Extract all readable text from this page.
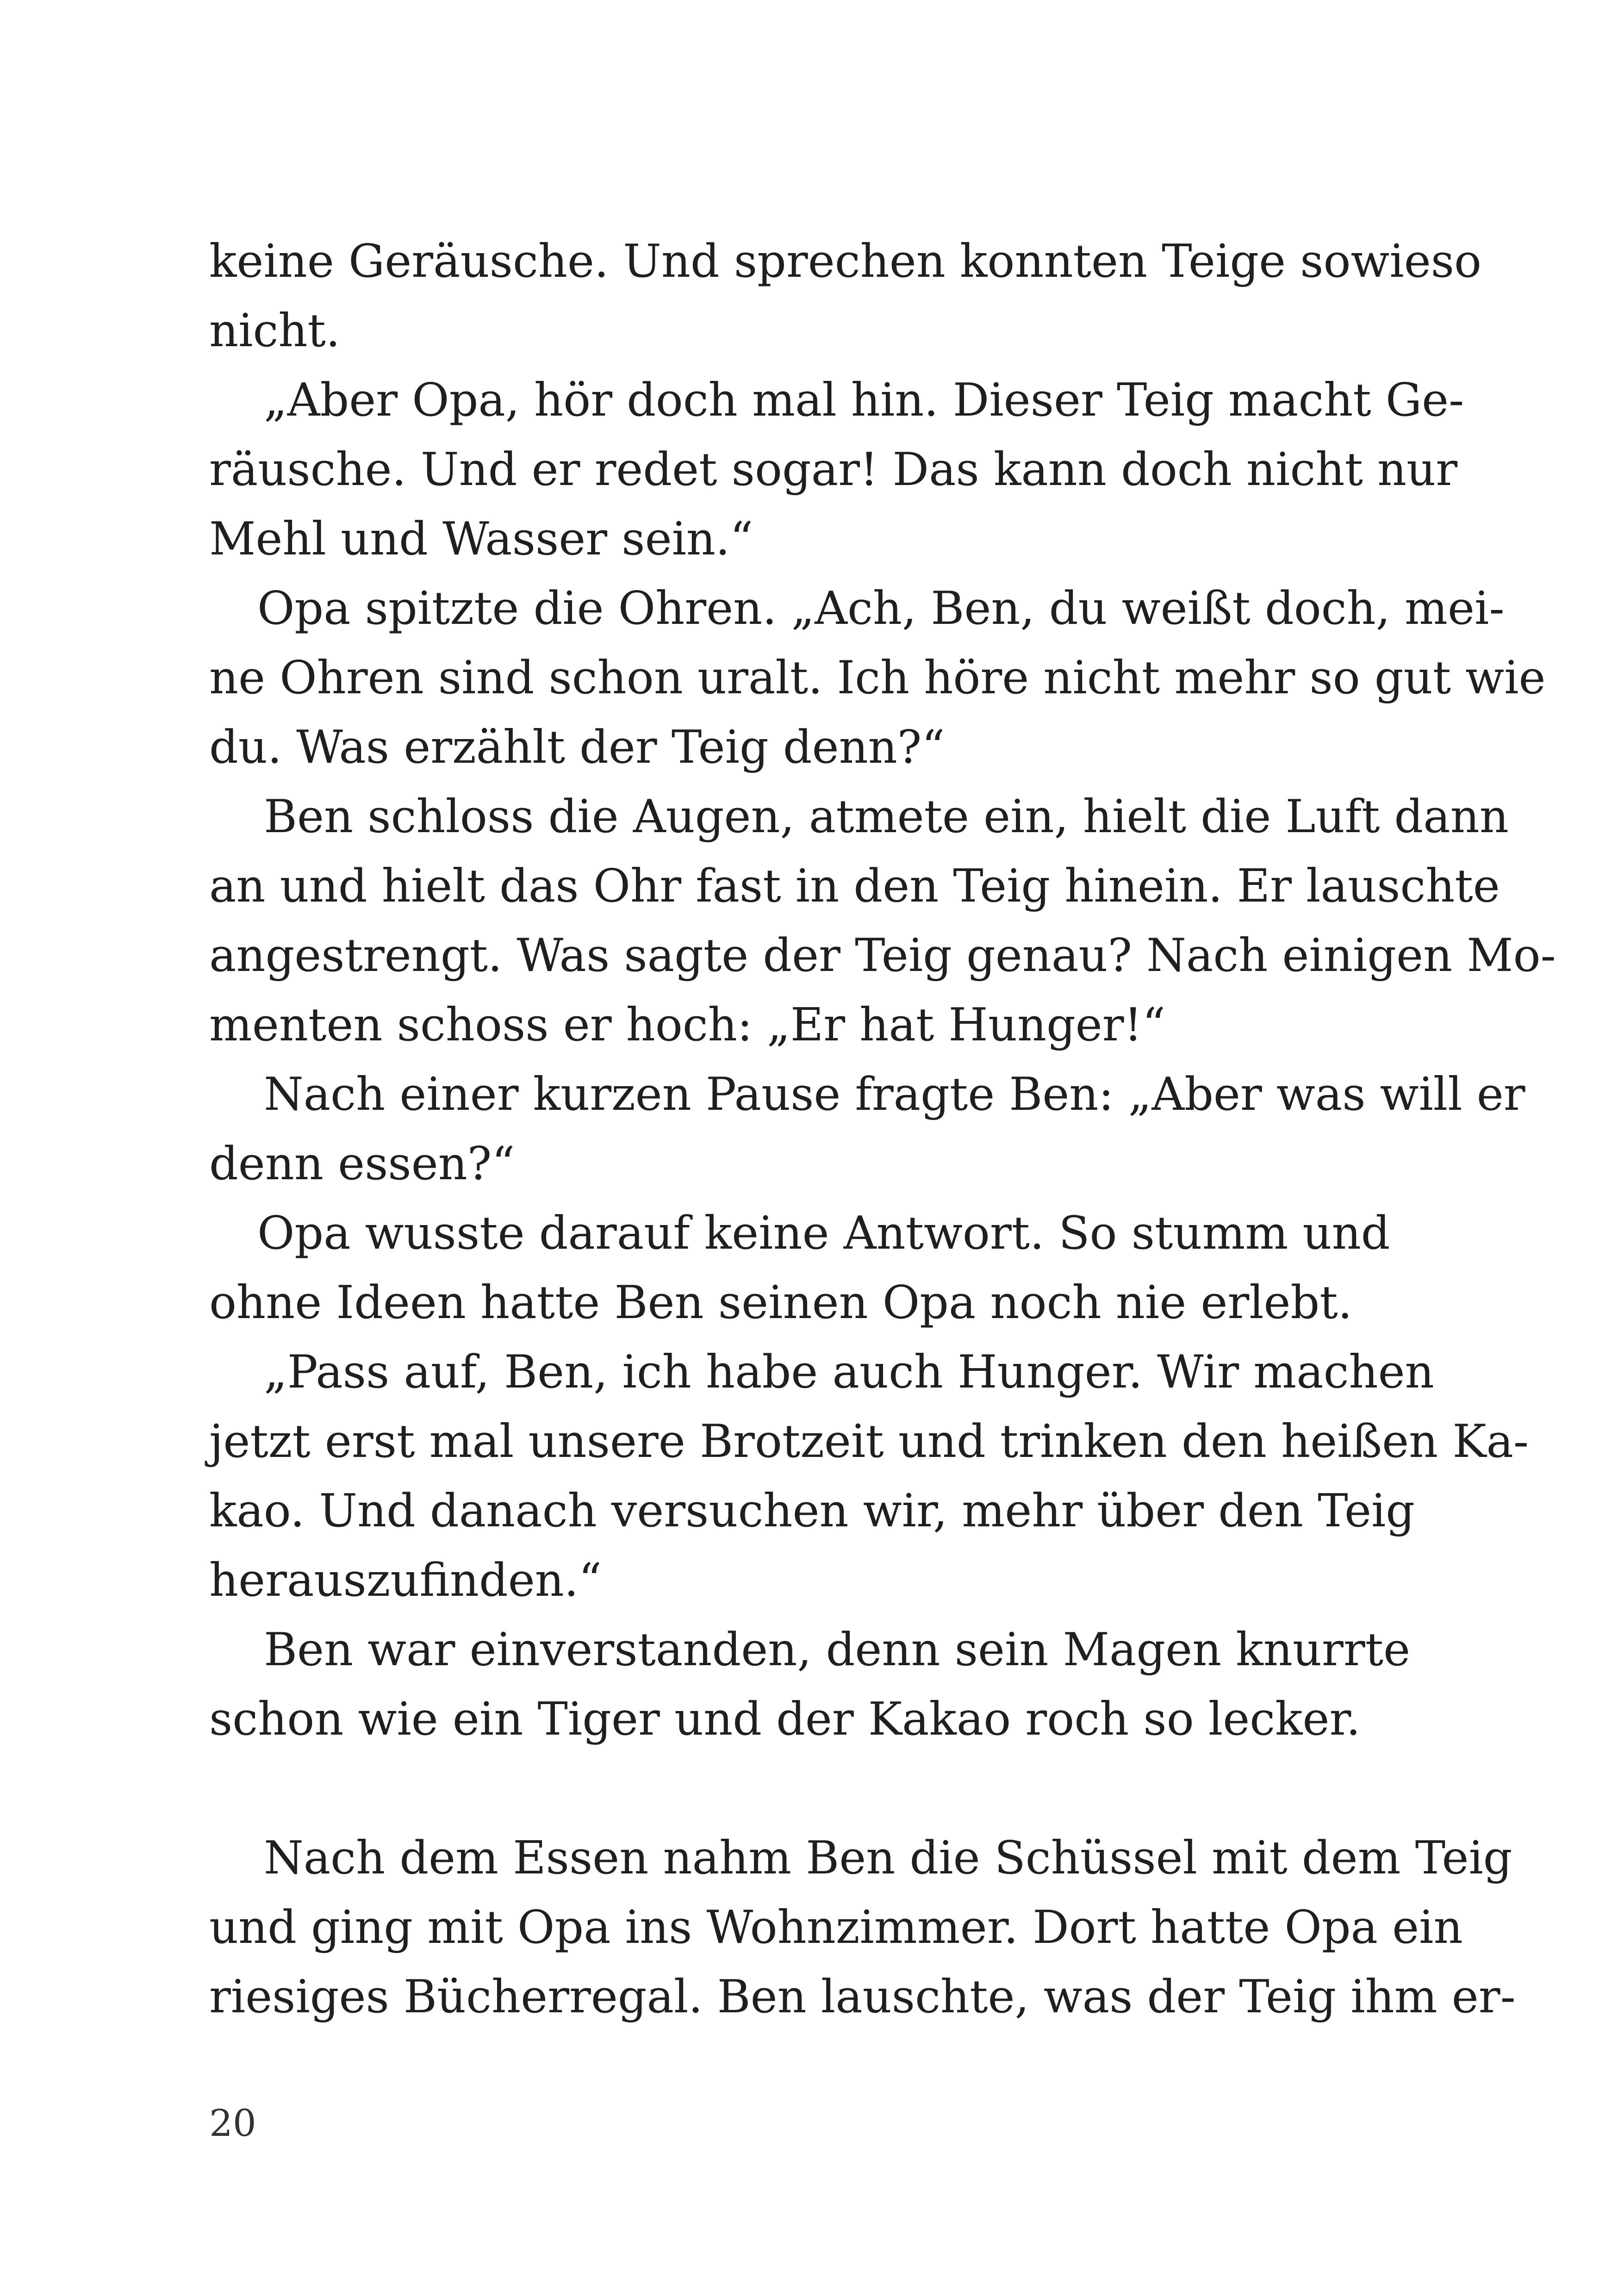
keine Geräusche. Und sprechen konnten Teige sowieso
nicht.
„Aber Opa, hör doch mal hin. Dieser Teig macht Ge-
räusche. Und er redet sogar! Das kann doch nicht nur
Mehl und Wasser sein.“
Opa spitzte die Ohren. „Ach, Ben, du weißt doch, mei-
ne Ohren sind schon uralt. Ich höre nicht mehr so gut wie
du. Was erzählt der Teig denn?“
Ben schloss die Augen, atmete ein, hielt die Luft dann
an und hielt das Ohr fast in den Teig hinein. Er lauschte
angestrengt. Was sagte der Teig genau? Nach einigen Mo-
menten schoss er hoch: „Er hat Hunger!“
Nach einer kurzen Pause fragte Ben: „Aber was will er
denn essen?“
Opa wusste darauf keine Antwort. So stumm und
ohne Ideen hatte Ben seinen Opa noch nie erlebt.
„Pass auf, Ben, ich habe auch Hunger. Wir machen
jetzt erst mal unsere Brotzeit und trinken den heißen Ka-
kao. Und danach versuchen wir, mehr über den Teig
herauszufinden.“
Ben war einverstanden, denn sein Magen knurrte
schon wie ein Tiger und der Kakao roch so lecker.
Nach dem Essen nahm Ben die Schüssel mit dem Teig
und ging mit Opa ins Wohnzimmer. Dort hatte Opa ein
riesiges Bücherregal. Ben lauschte, was der Teig ihm er-
20
